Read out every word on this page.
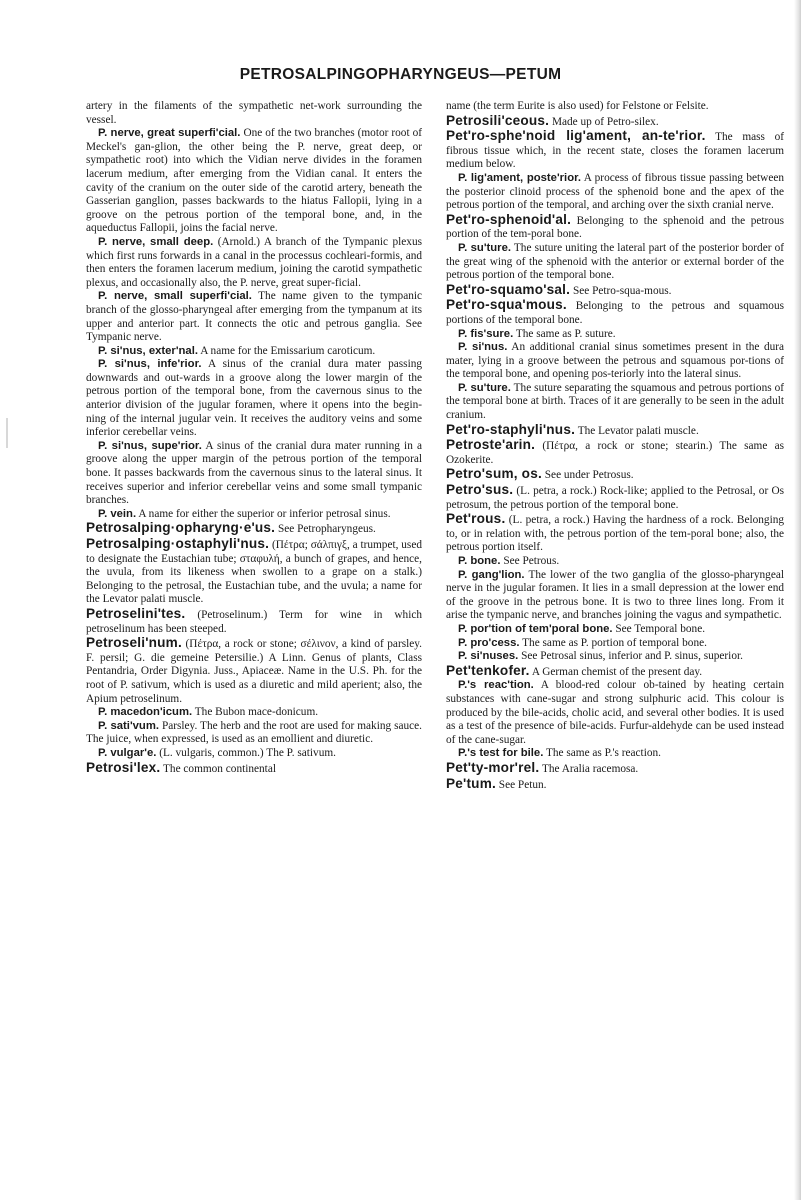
PETROSALPINGOPHARYNGEUS—PETUM

artery in the filaments of the sympathetic net-work surrounding the vessel.

P. nerve, great superfi'cial. One of the two branches (motor root of Meckel's gan-glion, the other being the P. nerve, great deep, or sympathetic root) into which the Vidian nerve divides in the foramen lacerum medium, after emerging from the Vidian canal. It enters the cavity of the cranium on the outer side of the carotid artery, beneath the Gasserian ganglion, passes backwards to the hiatus Fallopii, lying in a groove on the petrous portion of the temporal bone, and, in the aqueductus Fallopii, joins the facial nerve.

P. nerve, small deep. (Arnold.) A branch of the Tympanic plexus which first runs forwards in a canal in the processus cochleari-formis, and then enters the foramen lacerum medium, joining the carotid sympathetic plexus, and occasionally also, the P. nerve, great super-ficial.

P. nerve, small superfi'cial. The name given to the tympanic branch of the glosso-pharyngeal after emerging from the tympanum at its upper and anterior part. It connects the otic and petrous ganglia. See Tympanic nerve.

P. si'nus, exter'nal. A name for the Emissarium caroticum.

P. si'nus, infe'rior. A sinus of the cranial dura mater passing downwards and out-wards in a groove along the lower margin of the petrous portion of the temporal bone, from the cavernous sinus to the anterior division of the jugular foramen, where it opens into the begin-ning of the internal jugular vein. It receives the auditory veins and some inferior cerebellar veins.

P. si'nus, supe'rior. A sinus of the cranial dura mater running in a groove along the upper margin of the petrous portion of the temporal bone. It passes backwards from the cavernous sinus to the lateral sinus. It receives superior and inferior cerebellar veins and some small tympanic branches.

P. vein. A name for either the superior or inferior petrosal sinus.

Petrosalping·opharyng·e'us. See Petropharyngeus.

Petrosalping·ostaphyli'nus. (Πέτρα; σάλπιγξ, a trumpet, used to designate the Eustachian tube; σταφυλή, a bunch of grapes, and hence, the uvula, from its likeness when swollen to a grape on a stalk.) Belonging to the petrosal, the Eustachian tube, and the uvula; a name for the Levator palati muscle.

Petroselini'tes. (Petroselinum.) Term for wine in which petroselinum has been steeped.

Petroseli'num. (Πέτρα, a rock or stone; σέλινον, a kind of parsley. F. persil; G. die gemeine Petersilie.) A Linn. Genus of plants, Class Pentandria, Order Digynia. Juss., Apiaceæ. Name in the U.S. Ph. for the root of P. sativum, which is used as a diuretic and mild aperient; also, the Apium petroselinum.

P. macedon'icum. The Bubon mace-donicum.

P. sati'vum. Parsley. The herb and the root are used for making sauce. The juice, when expressed, is used as an emollient and diuretic.

P. vulgar'e. (L. vulgaris, common.) The P. sativum.

Petrosi'lex. The common continental

name (the term Eurite is also used) for Felstone or Felsite.

Petrosili'ceous. Made up of Petro-silex.

Pet'ro-sphe'noid lig'ament, an-te'rior. The mass of fibrous tissue which, in the recent state, closes the foramen lacerum medium below.

P. lig'ament, poste'rior. A process of fibrous tissue passing between the posterior clinoid process of the sphenoid bone and the apex of the petrous portion of the temporal, and arching over the sixth cranial nerve.

Pet'ro-sphenoid'al. Belonging to the sphenoid and the petrous portion of the tem-poral bone.

P. su'ture. The suture uniting the lateral part of the posterior border of the great wing of the sphenoid with the anterior or external border of the petrous portion of the temporal bone.

Pet'ro-squamo'sal. See Petro-squa-mous.

Pet'ro-squa'mous. Belonging to the petrous and squamous portions of the temporal bone.

P. fis'sure. The same as P. suture.

P. si'nus. An additional cranial sinus sometimes present in the dura mater, lying in a groove between the petrous and squamous por-tions of the temporal bone, and opening pos-teriorly into the lateral sinus.

P. su'ture. The suture separating the squamous and petrous portions of the temporal bone at birth. Traces of it are generally to be seen in the adult cranium.

Pet'ro-staphyli'nus. The Levator palati muscle.

Petroste'arin. (Πέτρα, a rock or stone; stearin.) The same as Ozokerite.

Petro'sum, os. See under Petrosus.

Petro'sus. (L. petra, a rock.) Rock-like; applied to the Petrosal, or Os petrosum, the petrous portion of the temporal bone.

Pet'rous. (L. petra, a rock.) Having the hardness of a rock. Belonging to, or in relation with, the petrous portion of the tem-poral bone; also, the petrous portion itself.

P. bone. See Petrous.

P. gang'lion. The lower of the two ganglia of the glosso-pharyngeal nerve in the jugular foramen. It lies in a small depression at the lower end of the groove in the petrous bone. It is two to three lines long. From it arise the tympanic nerve, and branches joining the vagus and sympathetic.

P. por'tion of tem'poral bone. See Temporal bone.

P. pro'cess. The same as P. portion of temporal bone.

P. si'nuses. See Petrosal sinus, inferior and P. sinus, superior.

Pet'tenkofer. A German chemist of the present day.

P.'s reac'tion. A blood-red colour ob-tained by heating certain substances with cane-sugar and strong sulphuric acid. This colour is produced by the bile-acids, cholic acid, and several other bodies. It is used as a test of the presence of bile-acids. Furfur-aldehyde can be used instead of the cane-sugar.

P.'s test for bile. The same as P.'s reaction.

Pet'ty-mor'rel. The Aralia racemosa.

Pe'tum. See Petun.
